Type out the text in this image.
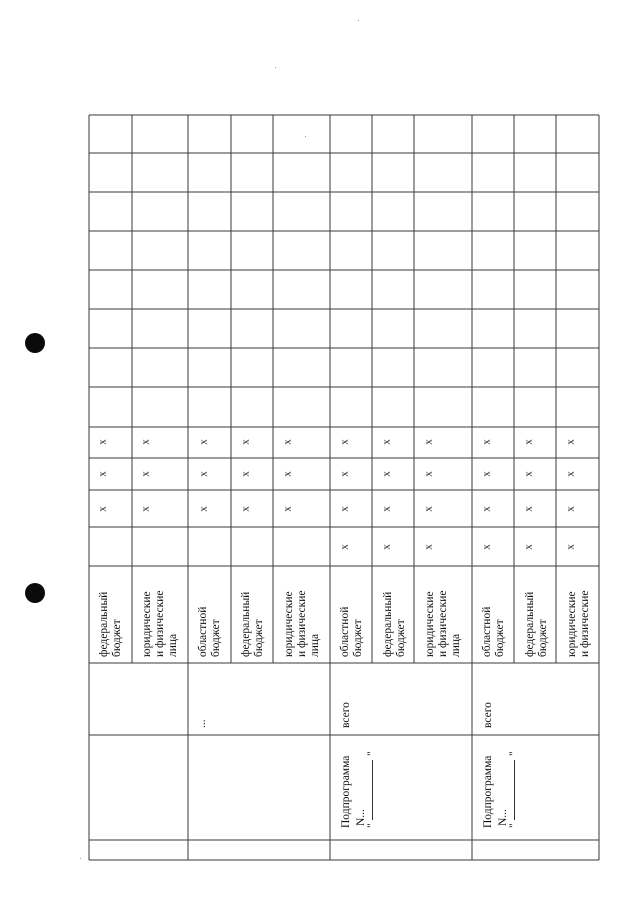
Подпрограмма N... "
"
всего
Подпрограмма N... "
"
всего
...
федеральный бюджет юридические и физические лица областной бюджет федеральный бюджет юридические и физические лица областной бюджет федеральный бюджет юридические и физические лица областной бюджет федеральный бюджет юридические и физические
x
x
x
x
x
x
x
x
x
x
x
x
x
x
x
x
x
x
x
x
x
x
x
x
x
x
x
x
x
x
x
x
x
x
x
x
x
x
x
